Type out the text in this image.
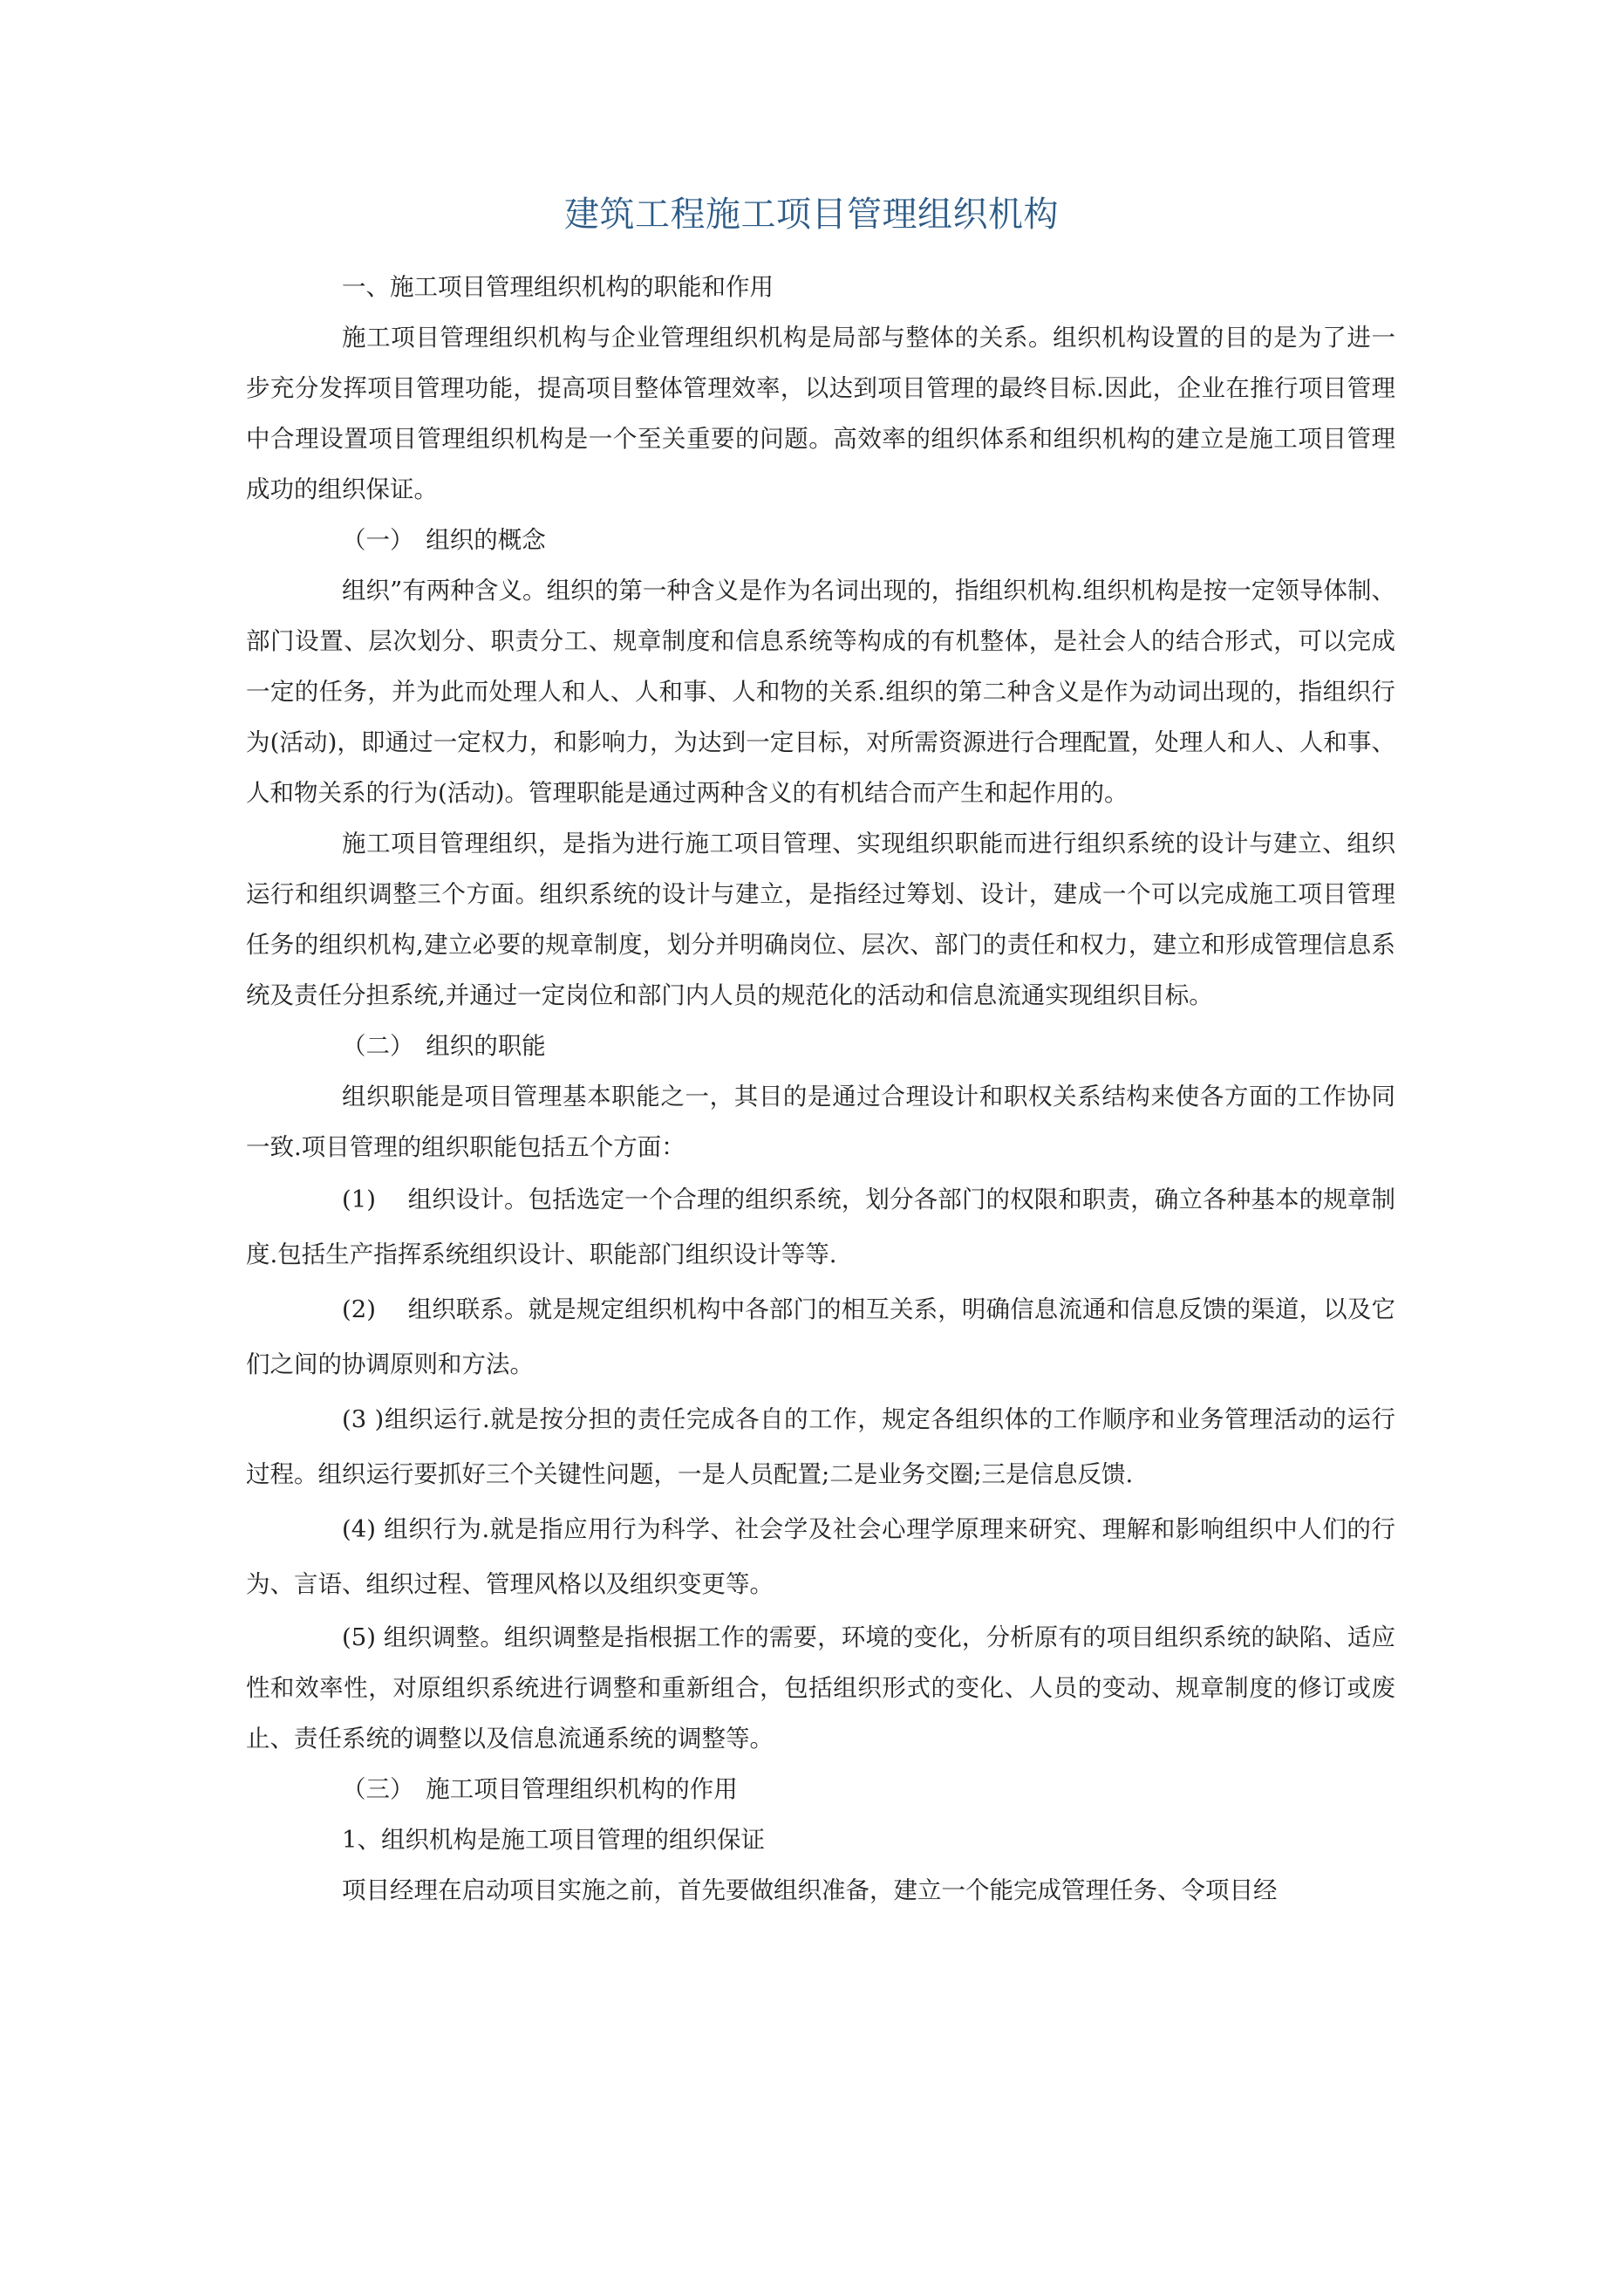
建筑工程施工项目管理组织机构

一、施工项目管理组织机构的职能和作用

施工项目管理组织机构与企业管理组织机构是局部与整体的关系。组织机构设置的目的是为了进一步充分发挥项目管理功能，提高项目整体管理效率，以达到项目管理的最终目标.因此，企业在推行项目管理中合理设置项目管理组织机构是一个至关重要的问题。高效率的组织体系和组织机构的建立是施工项目管理成功的组织保证。

（一）　组织的概念

组织”有两种含义。组织的第一种含义是作为名词出现的，指组织机构.组织机构是按一定领导体制、部门设置、层次划分、职责分工、规章制度和信息系统等构成的有机整体，是社会人的结合形式，可以完成一定的任务，并为此而处理人和人、人和事、人和物的关系.组织的第二种含义是作为动词出现的，指组织行为(活动)，即通过一定权力，和影响力，为达到一定目标，对所需资源进行合理配置，处理人和人、人和事、人和物关系的行为(活动)。管理职能是通过两种含义的有机结合而产生和起作用的。

施工项目管理组织，是指为进行施工项目管理、实现组织职能而进行组织系统的设计与建立、组织运行和组织调整三个方面。组织系统的设计与建立，是指经过筹划、设计，建成一个可以完成施工项目管理任务的组织机构,建立必要的规章制度，划分并明确岗位、层次、部门的责任和权力，建立和形成管理信息系统及责任分担系统,并通过一定岗位和部门内人员的规范化的活动和信息流通实现组织目标。

（二）　组织的职能

组织职能是项目管理基本职能之一，其目的是通过合理设计和职权关系结构来使各方面的工作协同一致.项目管理的组织职能包括五个方面：

(1)　 组织设计。包括选定一个合理的组织系统，划分各部门的权限和职责，确立各种基本的规章制度.包括生产指挥系统组织设计、职能部门组织设计等等.

(2)　 组织联系。就是规定组织机构中各部门的相互关系，明确信息流通和信息反馈的渠道，以及它们之间的协调原则和方法。

(3 )组织运行.就是按分担的责任完成各自的工作，规定各组织体的工作顺序和业务管理活动的运行过程。组织运行要抓好三个关键性问题，一是人员配置;二是业务交圈;三是信息反馈.

(4) 组织行为.就是指应用行为科学、社会学及社会心理学原理来研究、理解和影响组织中人们的行为、言语、组织过程、管理风格以及组织变更等。

(5) 组织调整。组织调整是指根据工作的需要，环境的变化，分析原有的项目组织系统的缺陷、适应性和效率性，对原组织系统进行调整和重新组合，包括组织形式的变化、人员的变动、规章制度的修订或废止、责任系统的调整以及信息流通系统的调整等。

（三）　施工项目管理组织机构的作用

1、组织机构是施工项目管理的组织保证

项目经理在启动项目实施之前，首先要做组织准备，建立一个能完成管理任务、令项目经
